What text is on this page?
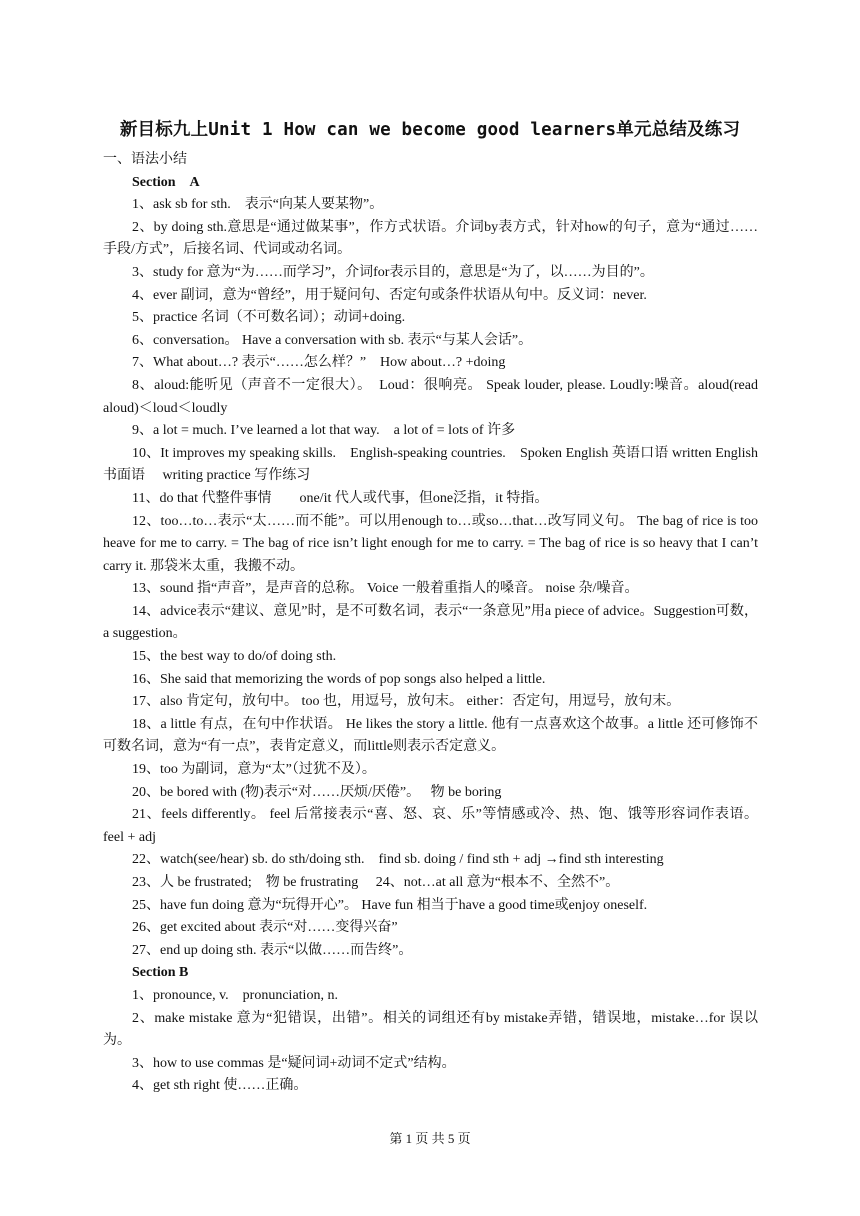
新目标九上Unit 1 How can we become good learners单元总结及练习
一、语法小结
Section　A
1、ask sb for sth.　表示“向某人要某物”。
2、by doing sth.意思是“通过做某事”，作方式状语。介词by表方式，针对how的句子，意为“通过……手段/方式”，后接名词、代词或动名词。
3、study for 意为“为……而学习”，介词for表示目的，意思是“为了，以……为目的”。
4、ever 副词，意为“曾经”，用于疑问句、否定句或条件状语从句中。反义词：never.
5、practice 名词（不可数名词）；动词+doing.
6、conversation。 Have a conversation with sb. 表示“与某人会话”。
7、What about…? 表示“……怎么样？”　How about…? +doing
8、aloud:能听见（声音不一定很大）。　Loud：很响亮。 Speak louder, please. Loudly:噪音。aloud(read aloud)＜loud＜loudly
9、a lot = much. I’ve learned a lot that way.　a lot of = lots of 许多
10、It improves my speaking skills.　English-speaking countries.　Spoken English 英语口语 written English 书面语　 writing practice 写作练习
11、do that 代整件事情　　one/it 代人或代事，但one泛指，it 特指。
12、too…to…表示“太……而不能”。可以用enough to…或so…that…改写同义句。 The bag of rice is too heave for me to carry. = The bag of rice isn’t light enough for me to carry. = The bag of rice is so heavy that I can’t carry it. 那袋米太重，我搬不动。
13、sound 指“声音”，是声音的总称。 Voice 一般着重指人的嗓音。 noise 杂/噪音。
14、advice表示“建议、意见”时，是不可数名词，表示“一条意见”用a piece of advice。Suggestion可数，a suggestion。
15、the best way to do/of doing sth.
16、She said that memorizing the words of pop songs also helped a little.
17、also 肯定句，放句中。 too 也，用逗号，放句末。 either：否定句，用逗号，放句末。
18、a little 有点，在句中作状语。 He likes the story a little. 他有一点喜欢这个故事。a little 还可修饰不可数名词，意为“有一点”，表肯定意义，而little则表示否定意义。
19、too 为副词，意为“太”（过犹不及）。
20、be bored with (物)表示“对……厌烦/厌倦”。　 物 be boring
21、feels differently。 feel 后常接表示“喜、怒、哀、乐”等情感或冷、热、饱、饿等形容词作表语。 feel + adj
22、watch(see/hear) sb. do sth/doing sth.　find sb. doing / find sth + adj →find sth interesting
23、人 be frustrated;　物 be frustrating　 24、not…at all 意为“根本不、全然不”。
25、have fun doing 意为“玩得开心”。 Have fun 相当于have a good time或enjoy oneself.
26、get excited about 表示“对……变得兴奋”
27、end up doing sth. 表示“以做……而告终”。
Section B
1、pronounce, v.　pronunciation, n.
2、make mistake 意为“犯错误，出错”。相关的词组还有by mistake弄错，错误地，mistake…for 误以为。
3、how to use commas 是“疑问词+动词不定式”结构。
4、get sth right 使……正确。
第 1 页 共 5 页
